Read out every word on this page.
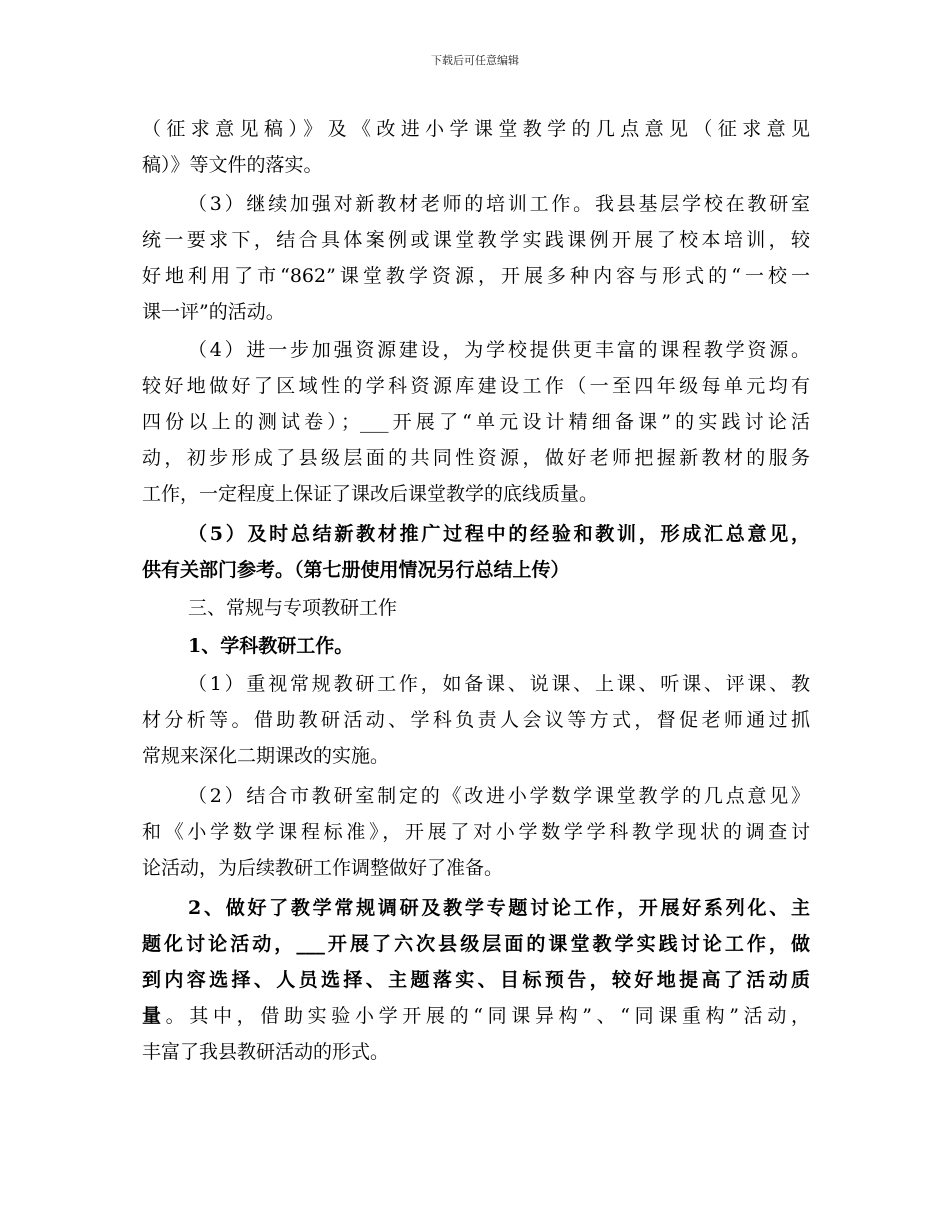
下载后可任意编辑
（征求意见稿）》及《改进小学课堂教学的几点意见（征求意见
稿）》等文件的落实。
（3）继续加强对新教材老师的培训工作。我县基层学校在教研室
统一要求下，结合具体案例或课堂教学实践课例开展了校本培训，较
好地利用了市“862”课堂教学资源，开展多种内容与形式的“一校一
课一评”的活动。
（4）进一步加强资源建设，为学校提供更丰富的课程教学资源。
较好地做好了区域性的学科资源库建设工作（一至四年级每单元均有
四份以上的测试卷）；___开展了“单元设计精细备课”的实践讨论活
动，初步形成了县级层面的共同性资源，做好老师把握新教材的服务
工作，一定程度上保证了课改后课堂教学的底线质量。
（5）及时总结新教材推广过程中的经验和教训，形成汇总意见，
供有关部门参考。（第七册使用情况另行总结上传）
三、常规与专项教研工作
1、学科教研工作。
（1）重视常规教研工作，如备课、说课、上课、听课、评课、教
材分析等。借助教研活动、学科负责人会议等方式，督促老师通过抓
常规来深化二期课改的实施。
（2）结合市教研室制定的《改进小学数学课堂教学的几点意见》
和《小学数学课程标准》，开展了对小学数学学科教学现状的调查讨
论活动，为后续教研工作调整做好了准备。
2、做好了教学常规调研及教学专题讨论工作，开展好系列化、主
题化讨论活动，___开展了六次县级层面的课堂教学实践讨论工作，做
到内容选择、人员选择、主题落实、目标预告，较好地提高了活动质
量。其中，借助实验小学开展的“同课异构”、“同课重构”活动，
丰富了我县教研活动的形式。
